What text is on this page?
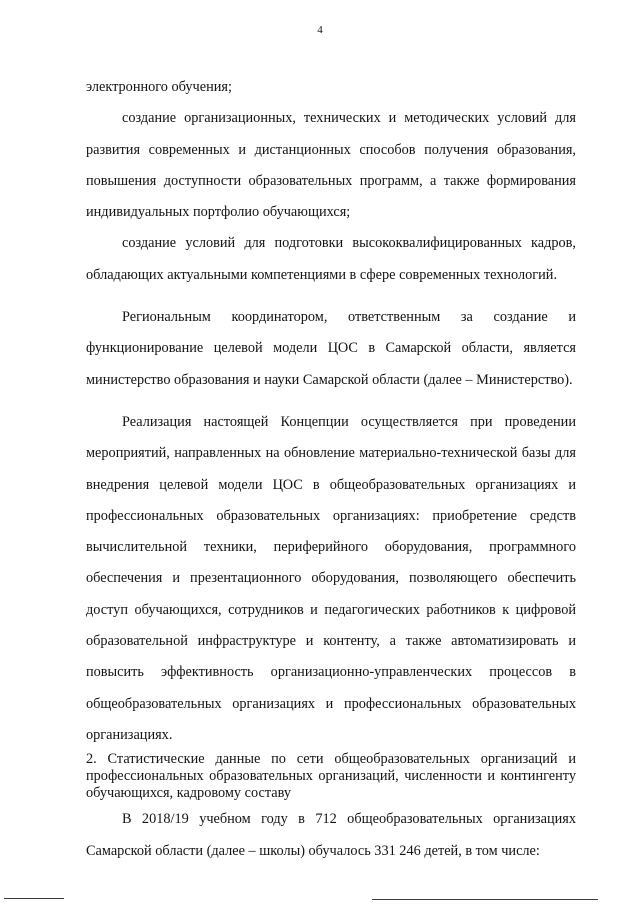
4

электронного обучения;

создание организационных, технических и методических условий для развития современных и дистанционных способов получения образования, повышения доступности образовательных программ, а также формирования индивидуальных портфолио обучающихся;

создание условий для подготовки высококвалифицированных кадров, обладающих актуальными компетенциями в сфере современных технологий.

Региональным координатором, ответственным за создание и функционирование целевой модели ЦОС в Самарской области, является министерство образования и науки Самарской области (далее – Министерство).

Реализация настоящей Концепции осуществляется при проведении мероприятий, направленных на обновление материально-технической базы для внедрения целевой модели ЦОС в общеобразовательных организациях и профессиональных образовательных организациях: приобретение средств вычислительной техники, периферийного оборудования, программного обеспечения и презентационного оборудования, позволяющего обеспечить доступ обучающихся, сотрудников и педагогических работников к цифровой образовательной инфраструктуре и контенту, а также автоматизировать и повысить эффективность организационно-управленческих процессов в общеобразовательных организациях и профессиональных образовательных организациях.

2. Статистические данные по сети общеобразовательных организаций и профессиональных образовательных организаций, численности и контингенту обучающихся, кадровому составу

В 2018/19 учебном году в 712 общеобразовательных организациях Самарской области (далее – школы) обучалось 331 246 детей, в том числе:
